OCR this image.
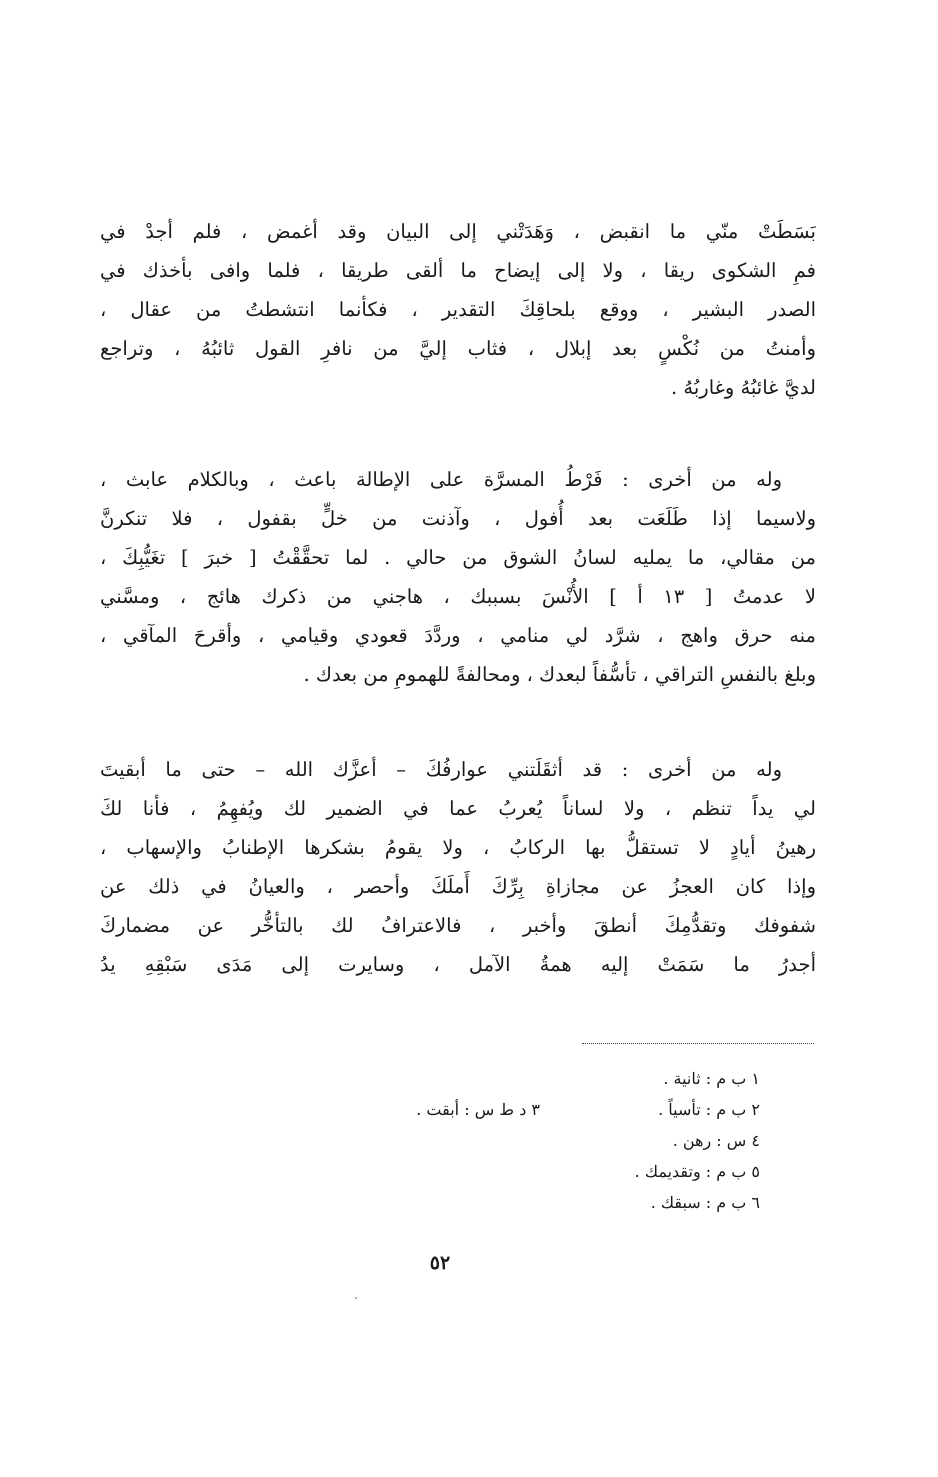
بَسَطَتْ منّي ما انقبض ، وَهَدَتْني إلى البيان وقد أغمض ، فلم أجدْ في
فمِ الشكوى ريقا ، ولا إلى إيضاح ما ألقى طريقا ، فلما وافى بأخذك في
الصدر البشير ، ووقع بلحاقِكَ التقدير ، فكأنما انتشطتُ من عقال ،
وأمنتُ من نُكْسٍ بعد إبلال ، فثاب إليَّ من نافرِ القول ثائبُهُ ، وتراجع
لديَّ غائبُهُ وغاربُهُ .
وله من أخرى : فَرْطُ المسرَّة على الإطالة باعث ، وبالكلام عابث ،
ولاسيما إذا طَلَعَت بعد أُفول ، وآذنت من خلٍّ بقفول ، فلا تنكرنَّ
من مقالي، ما يمليه لسانُ الشوق من حالي . لما تحقَّقْتُ [ خبرَ ] تغَيُّبِكَ ،
لا عدمتُ [ ١٣ أ ] الأُنْسَ بسببك ، هاجني من ذكرك هائج ، ومسَّني
منه حرق واهج ، شرَّد لي منامي ، وردَّدَ قعودي وقيامي ، وأقرحَ المآقي ،
وبلغ بالنفسِ التراقي ، تأسُّفاً لبعدك ، ومحالفةً للهمومِ من بعدك .
وله من أخرى : قد أثقَلَتني عوارفُكَ – أعزَّك الله – حتى ما أبقيتَ
لي يداً تنظم ، ولا لساناً يُعربُ عما في الضمير لك ويُفهِمُ ، فأنا لكَ
رهينُ أيادٍ لا تستقلُّ بها الركابُ ، ولا يقومُ بشكرها الإطنابُ والإسهاب ،
وإذا كان العجزُ عن مجازاةِ بِرِّكَ أَملَكَ وأحصر ، والعيانُ في ذلك عن
شفوفك وتقدُّمِكَ أنطقَ وأخبر ، فالاعترافُ لك بالتأخُّر عن مضماركَ
أجدرُ ما سَمَتْ إليه همةُ الآمل ، وسايرت إلى مَدَى سَبْقِهِ يدُ
١ ب م : ثانية .
٢ ب م : تأسياً .
٣ د ط س : أبقت .
٤ س : رهن .
٥ ب م : وتقديمك .
٦ ب م : سبقك .
٥٢
